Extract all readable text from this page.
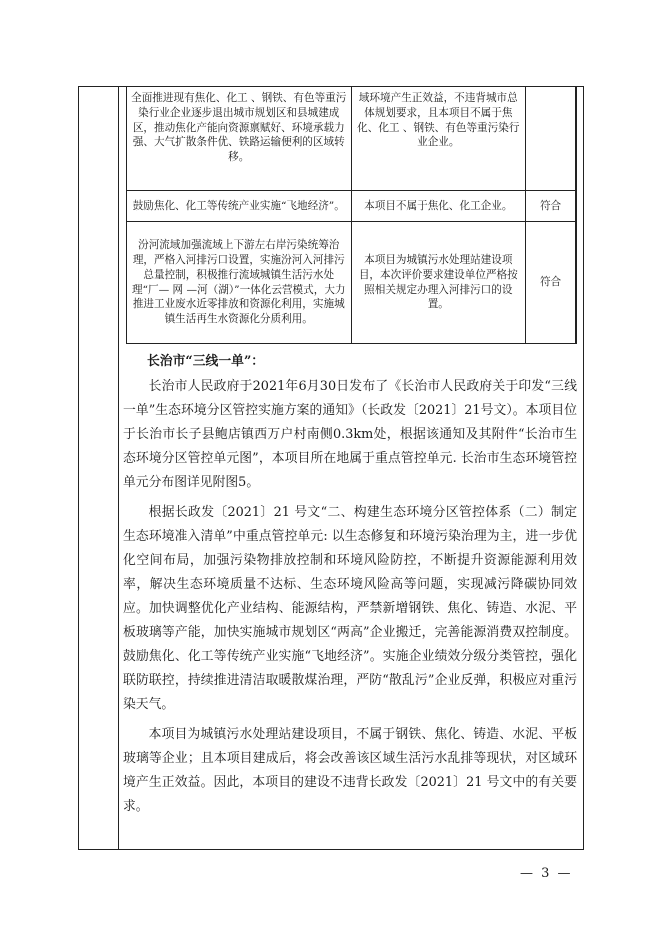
全面推进现有焦化、化工 、钢铁、有色等重污染行业企业逐步退出城市规划区和县城建成区，推动焦化产能向资源禀赋好、环境承载力强、大气扩散条件优、铁路运输便利的区域转移。	域环境产生正效益，不违背城市总体规划要求，且本项目不属于焦化、化工 、钢铁、有色等重污染行业企业。	
鼓励焦化、化工等传统产业实施“飞地经济”。	本项目不属于焦化、化工企业。	符合
汾河流域加强流域上下游左右岸污染统筹治理，严格入河排污口设置，实施汾河入河排污总量控制，积极推行流域城镇生活污水处理“厂— 网 —河（湖）”一体化云营模式，大力推进工业废水近零排放和资源化利用，实施城镇生活再生水资源化分质利用。	本项目为城镇污水处理站建设项目，本次评价要求建设单位严格按照相关规定办理入河排污口的设置。	符合
长治市“三线一单”：

长治市人民政府于2021年6月30日发布了《长治市人民政府关于印发“三线一单”生态环境分区管控实施方案的通知》（长政发〔2021〕21号文）。本项目位于长治市长子县鲍店镇西万户村南侧0.3km处，根据该通知及其附件“长治市生态环境分区管控单元图”，本项目所在地属于重点管控单元. 长治市生态环境管控单元分布图详见附图5。

根据长政发〔2021〕21 号文“二、构建生态环境分区管控体系（二）制定生态环境准入清单”中重点管控单元: 以生态修复和环境污染治理为主，进一步优化空间布局，加强污染物排放控制和环境风险防控，不断提升资源能源利用效率，解决生态环境质量不达标、生态环境风险高等问题，实现减污降碳协同效应。加快调整优化产业结构、能源结构，严禁新增钢铁、焦化、铸造、水泥、平板玻璃等产能，加快实施城市规划区“两高”企业搬迁，完善能源消费双控制度。鼓励焦化、化工等传统产业实施“飞地经济”。实施企业绩效分级分类管控，强化联防联控，持续推进清洁取暖散煤治理，严防“散乱污”企业反弹，积极应对重污染天气。

本项目为城镇污水处理站建设项目，不属于钢铁、焦化、铸造、水泥、平板玻璃等企业；且本项目建成后，将会改善该区域生活污水乱排等现状，对区域环境产生正效益。因此，本项目的建设不违背长政发〔2021〕21 号文中的有关要求。

— 3 —
